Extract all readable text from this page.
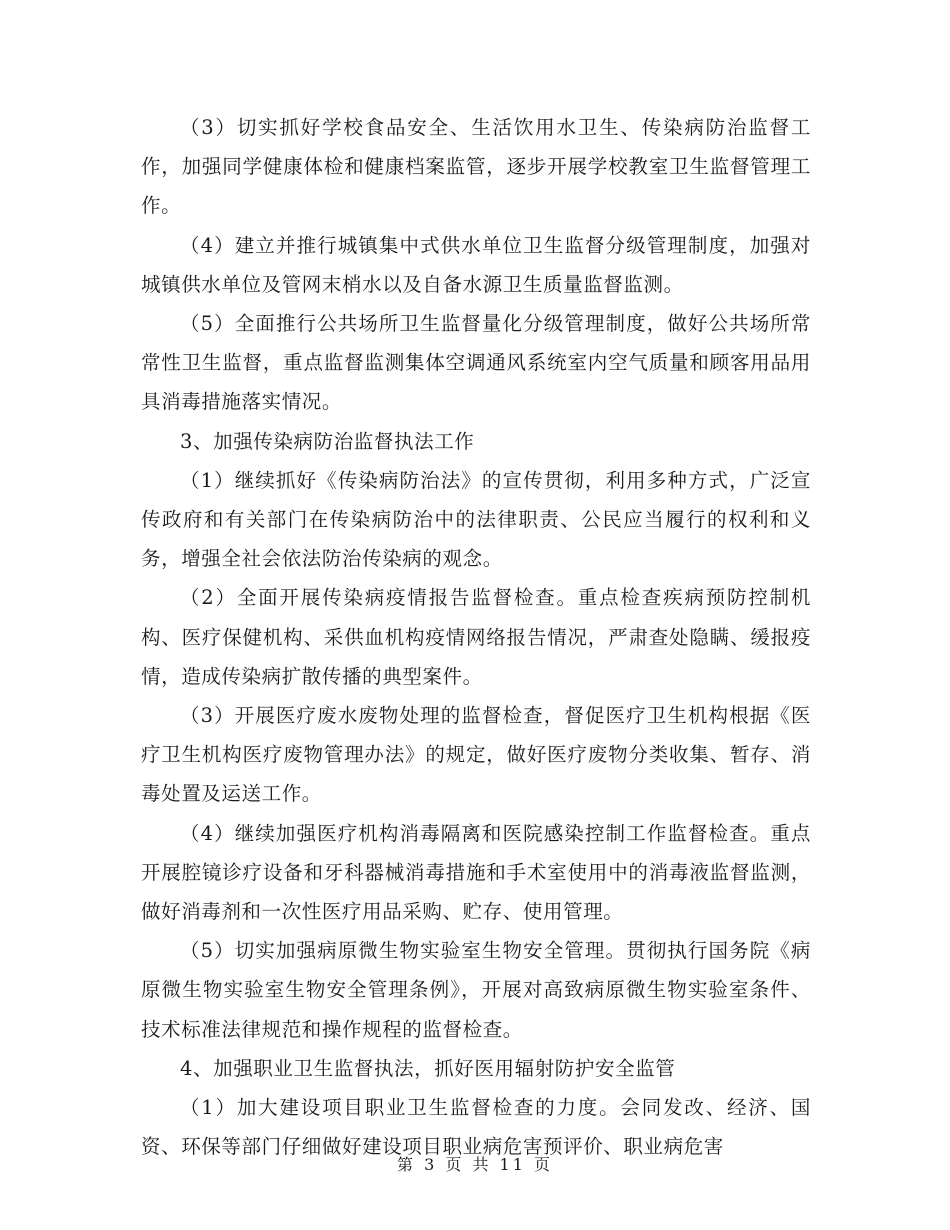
（3）切实抓好学校食品安全、生活饮用水卫生、传染病防治监督工作，加强同学健康体检和健康档案监管，逐步开展学校教室卫生监督管理工作。

（4）建立并推行城镇集中式供水单位卫生监督分级管理制度，加强对城镇供水单位及管网末梢水以及自备水源卫生质量监督监测。

（5）全面推行公共场所卫生监督量化分级管理制度，做好公共场所常常性卫生监督，重点监督监测集体空调通风系统室内空气质量和顾客用品用具消毒措施落实情况。

3、加强传染病防治监督执法工作

（1）继续抓好《传染病防治法》的宣传贯彻，利用多种方式，广泛宣传政府和有关部门在传染病防治中的法律职责、公民应当履行的权利和义务，增强全社会依法防治传染病的观念。

（2）全面开展传染病疫情报告监督检查。重点检查疾病预防控制机构、医疗保健机构、采供血机构疫情网络报告情况，严肃查处隐瞒、缓报疫情，造成传染病扩散传播的典型案件。

（3）开展医疗废水废物处理的监督检查，督促医疗卫生机构根据《医疗卫生机构医疗废物管理办法》的规定，做好医疗废物分类收集、暂存、消毒处置及运送工作。

（4）继续加强医疗机构消毒隔离和医院感染控制工作监督检查。重点开展腔镜诊疗设备和牙科器械消毒措施和手术室使用中的消毒液监督监测，做好消毒剂和一次性医疗用品采购、贮存、使用管理。

（5）切实加强病原微生物实验室生物安全管理。贯彻执行国务院《病原微生物实验室生物安全管理条例》，开展对高致病原微生物实验室条件、技术标准法律规范和操作规程的监督检查。

4、加强职业卫生监督执法，抓好医用辐射防护安全监管

（1）加大建设项目职业卫生监督检查的力度。会同发改、经济、国资、环保等部门仔细做好建设项目职业病危害预评价、职业病危害

第 3 页 共 11 页
